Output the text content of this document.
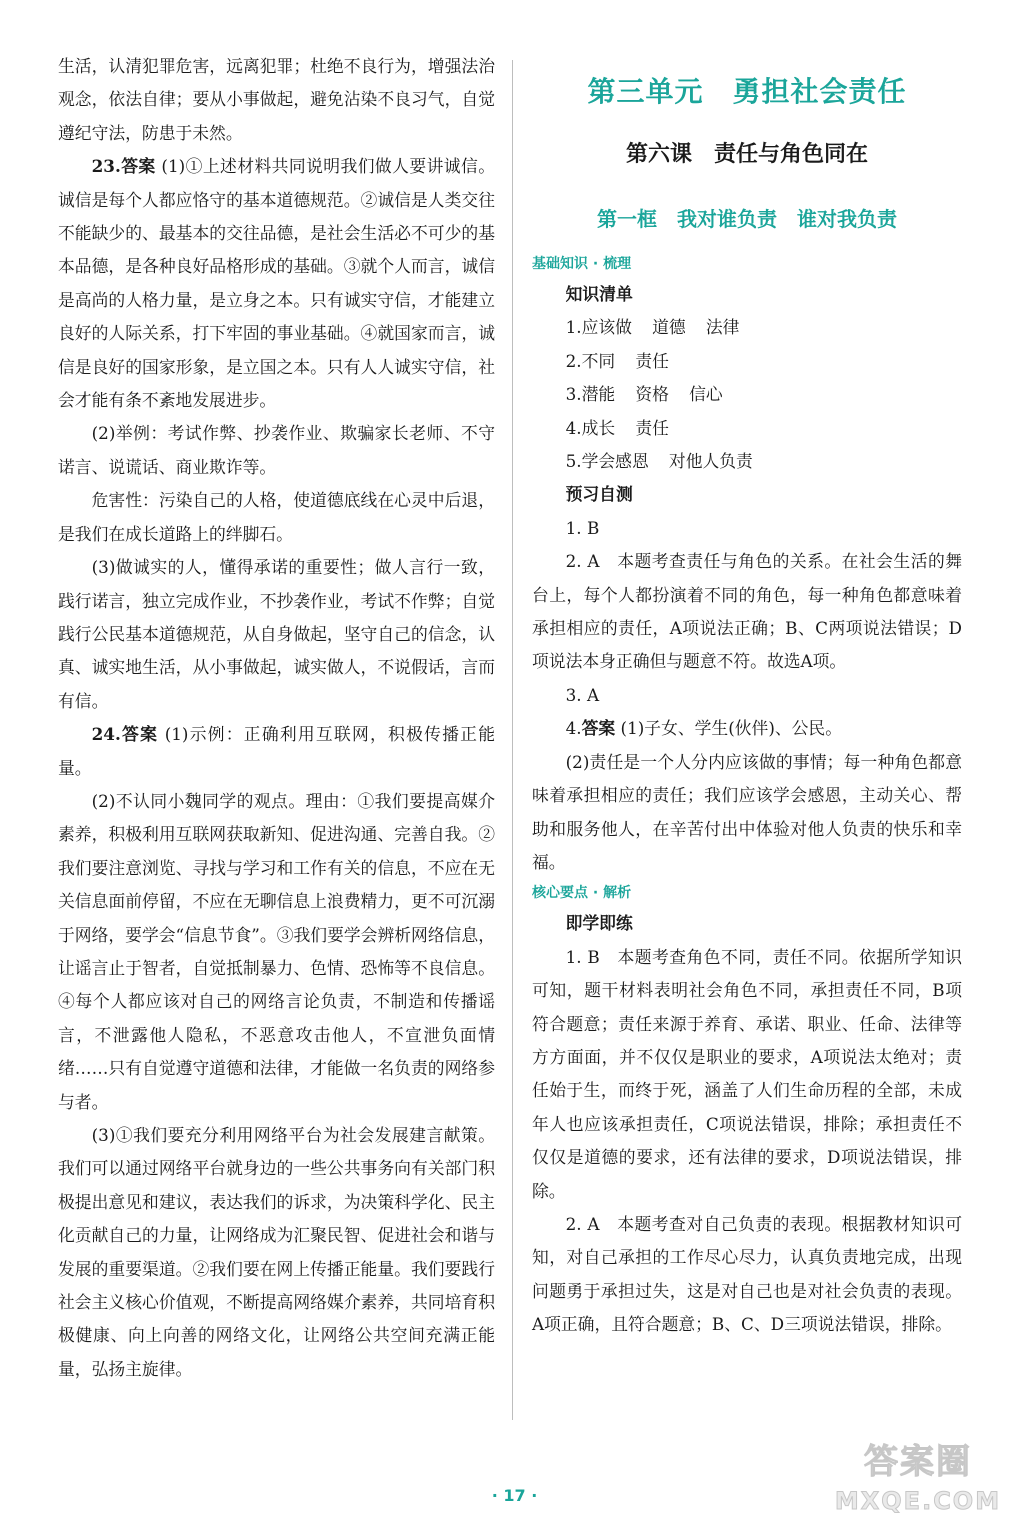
生活，认清犯罪危害，远离犯罪；杜绝不良行为，增强法治观念，依法自律；要从小事做起，避免沾染不良习气，自觉遵纪守法，防患于未然。

23.答案 (1)①上述材料共同说明我们做人要讲诚信。诚信是每个人都应恪守的基本道德规范。②诚信是人类交往不能缺少的、最基本的交往品德，是社会生活必不可少的基本品德，是各种良好品格形成的基础。③就个人而言，诚信是高尚的人格力量，是立身之本。只有诚实守信，才能建立良好的人际关系，打下牢固的事业基础。④就国家而言，诚信是良好的国家形象，是立国之本。只有人人诚实守信，社会才能有条不紊地发展进步。

(2)举例：考试作弊、抄袭作业、欺骗家长老师、不守诺言、说谎话、商业欺诈等。

危害性：污染自己的人格，使道德底线在心灵中后退，是我们在成长道路上的绊脚石。

(3)做诚实的人，懂得承诺的重要性；做人言行一致，践行诺言，独立完成作业，不抄袭作业，考试不作弊；自觉践行公民基本道德规范，从自身做起，坚守自己的信念，认真、诚实地生活，从小事做起，诚实做人，不说假话，言而有信。

24.答案 (1)示例：正确利用互联网，积极传播正能量。

(2)不认同小魏同学的观点。理由：①我们要提高媒介素养，积极利用互联网获取新知、促进沟通、完善自我。②我们要注意浏览、寻找与学习和工作有关的信息，不应在无关信息面前停留，不应在无聊信息上浪费精力，更不可沉溺于网络，要学会“信息节食”。③我们要学会辨析网络信息，让谣言止于智者，自觉抵制暴力、色情、恐怖等不良信息。④每个人都应该对自己的网络言论负责，不制造和传播谣言，不泄露他人隐私，不恶意攻击他人，不宣泄负面情绪……只有自觉遵守道德和法律，才能做一名负责的网络参与者。

(3)①我们要充分利用网络平台为社会发展建言献策。我们可以通过网络平台就身边的一些公共事务向有关部门积极提出意见和建议，表达我们的诉求，为决策科学化、民主化贡献自己的力量，让网络成为汇聚民智、促进社会和谐与发展的重要渠道。②我们要在网上传播正能量。我们要践行社会主义核心价值观，不断提高网络媒介素养，共同培育积极健康、向上向善的网络文化，让网络公共空间充满正能量，弘扬主旋律。

第三单元　勇担社会责任
第六课　责任与角色同在
第一框　我对谁负责　谁对我负责
基础知识 · 梳理

知识清单

1.应该做 道德 法律

2.不同 责任

3.潜能 资格 信心

4.成长 责任

5.学会感恩 对他人负责

预习自测

1. B

2. A　本题考查责任与角色的关系。在社会生活的舞台上，每个人都扮演着不同的角色，每一种角色都意味着承担相应的责任，A项说法正确；B、C两项说法错误；D项说法本身正确但与题意不符。故选A项。

3. A

4.答案 (1)子女、学生(伙伴)、公民。

(2)责任是一个人分内应该做的事情；每一种角色都意味着承担相应的责任；我们应该学会感恩，主动关心、帮助和服务他人，在辛苦付出中体验对他人负责的快乐和幸福。

核心要点 · 解析

即学即练

1. B　本题考查角色不同，责任不同。依据所学知识可知，题干材料表明社会角色不同，承担责任不同，B项符合题意；责任来源于养育、承诺、职业、任命、法律等方方面面，并不仅仅是职业的要求，A项说法太绝对；责任始于生，而终于死，涵盖了人们生命历程的全部，未成年人也应该承担责任，C项说法错误，排除；承担责任不仅仅是道德的要求，还有法律的要求，D项说法错误，排除。

2. A　本题考查对自己负责的表现。根据教材知识可知，对自己承担的工作尽心尽力，认真负责地完成，出现问题勇于承担过失，这是对自己也是对社会负责的表现。A项正确，且符合题意；B、C、D三项说法错误，排除。

· 17 ·
答案圈
MXQE.COM
